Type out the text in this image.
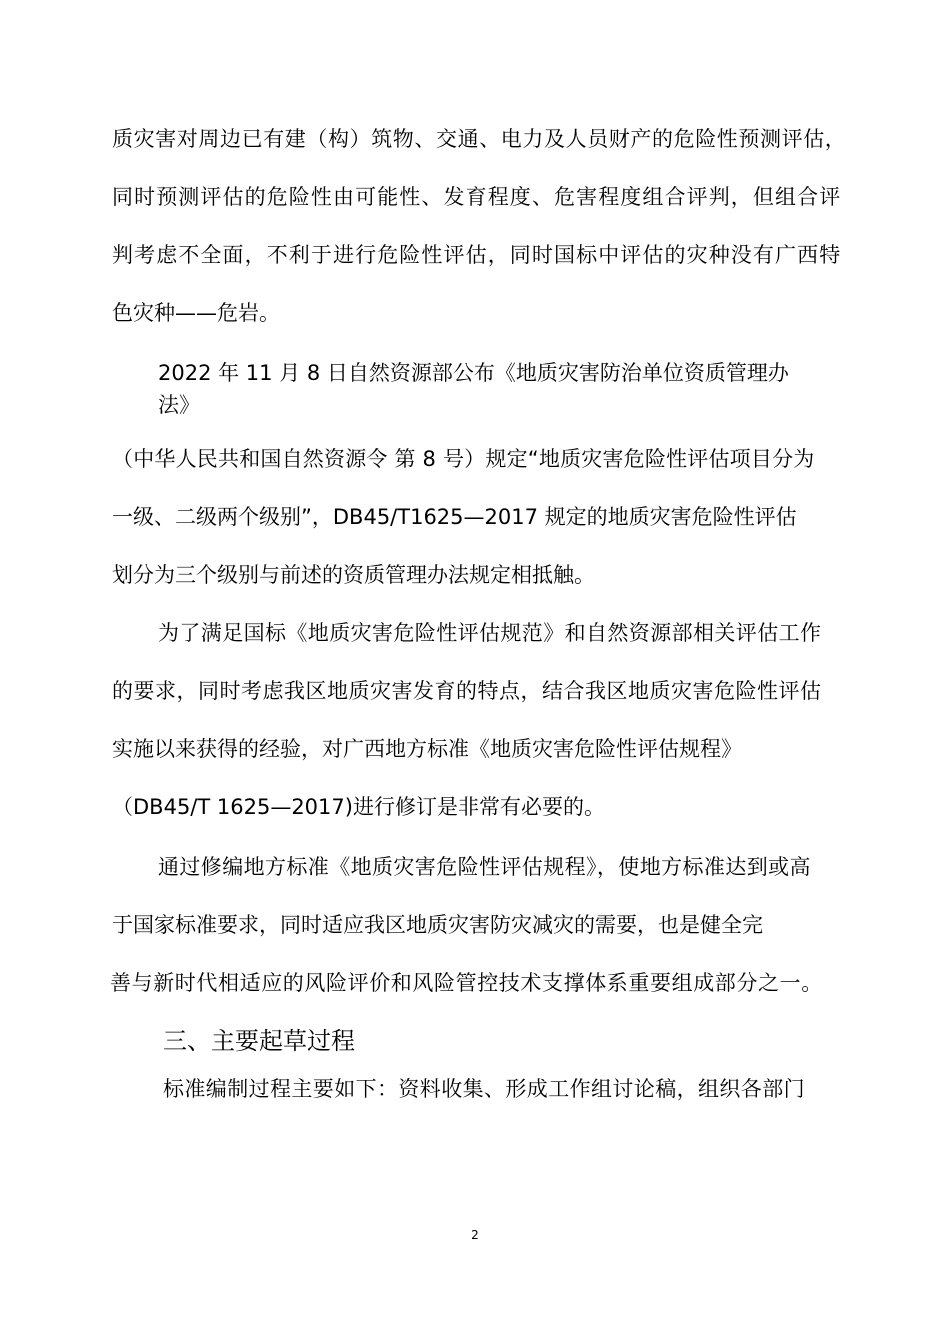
质灾害对周边已有建（构）筑物、交通、电力及人员财产的危险性预测评估，
同时预测评估的危险性由可能性、发育程度、危害程度组合评判，但组合评
判考虑不全面，不利于进行危险性评估，同时国标中评估的灾种没有广西特
色灾种——危岩。
2022 年 11 月 8 日自然资源部公布《地质灾害防治单位资质管理办
法》
（中华人民共和国自然资源令 第 8 号）规定“地质灾害危险性评估项目分为
一级、二级两个级别”，DB45/T1625—2017 规定的地质灾害危险性评估
划分为三个级别与前述的资质管理办法规定相抵触。
为了满足国标《地质灾害危险性评估规范》和自然资源部相关评估工作
的要求，同时考虑我区地质灾害发育的特点，结合我区地质灾害危险性评估
实施以来获得的经验，对广西地方标准《地质灾害危险性评估规程》
（DB45/T 1625—2017)进行修订是非常有必要的。
通过修编地方标准《地质灾害危险性评估规程》，使地方标准达到或高
于国家标准要求，同时适应我区地质灾害防灾减灾的需要，也是健全完
善与新时代相适应的风险评价和风险管控技术支撑体系重要组成部分之一。
三、主要起草过程
标准编制过程主要如下：资料收集、形成工作组讨论稿，组织各部门
2
